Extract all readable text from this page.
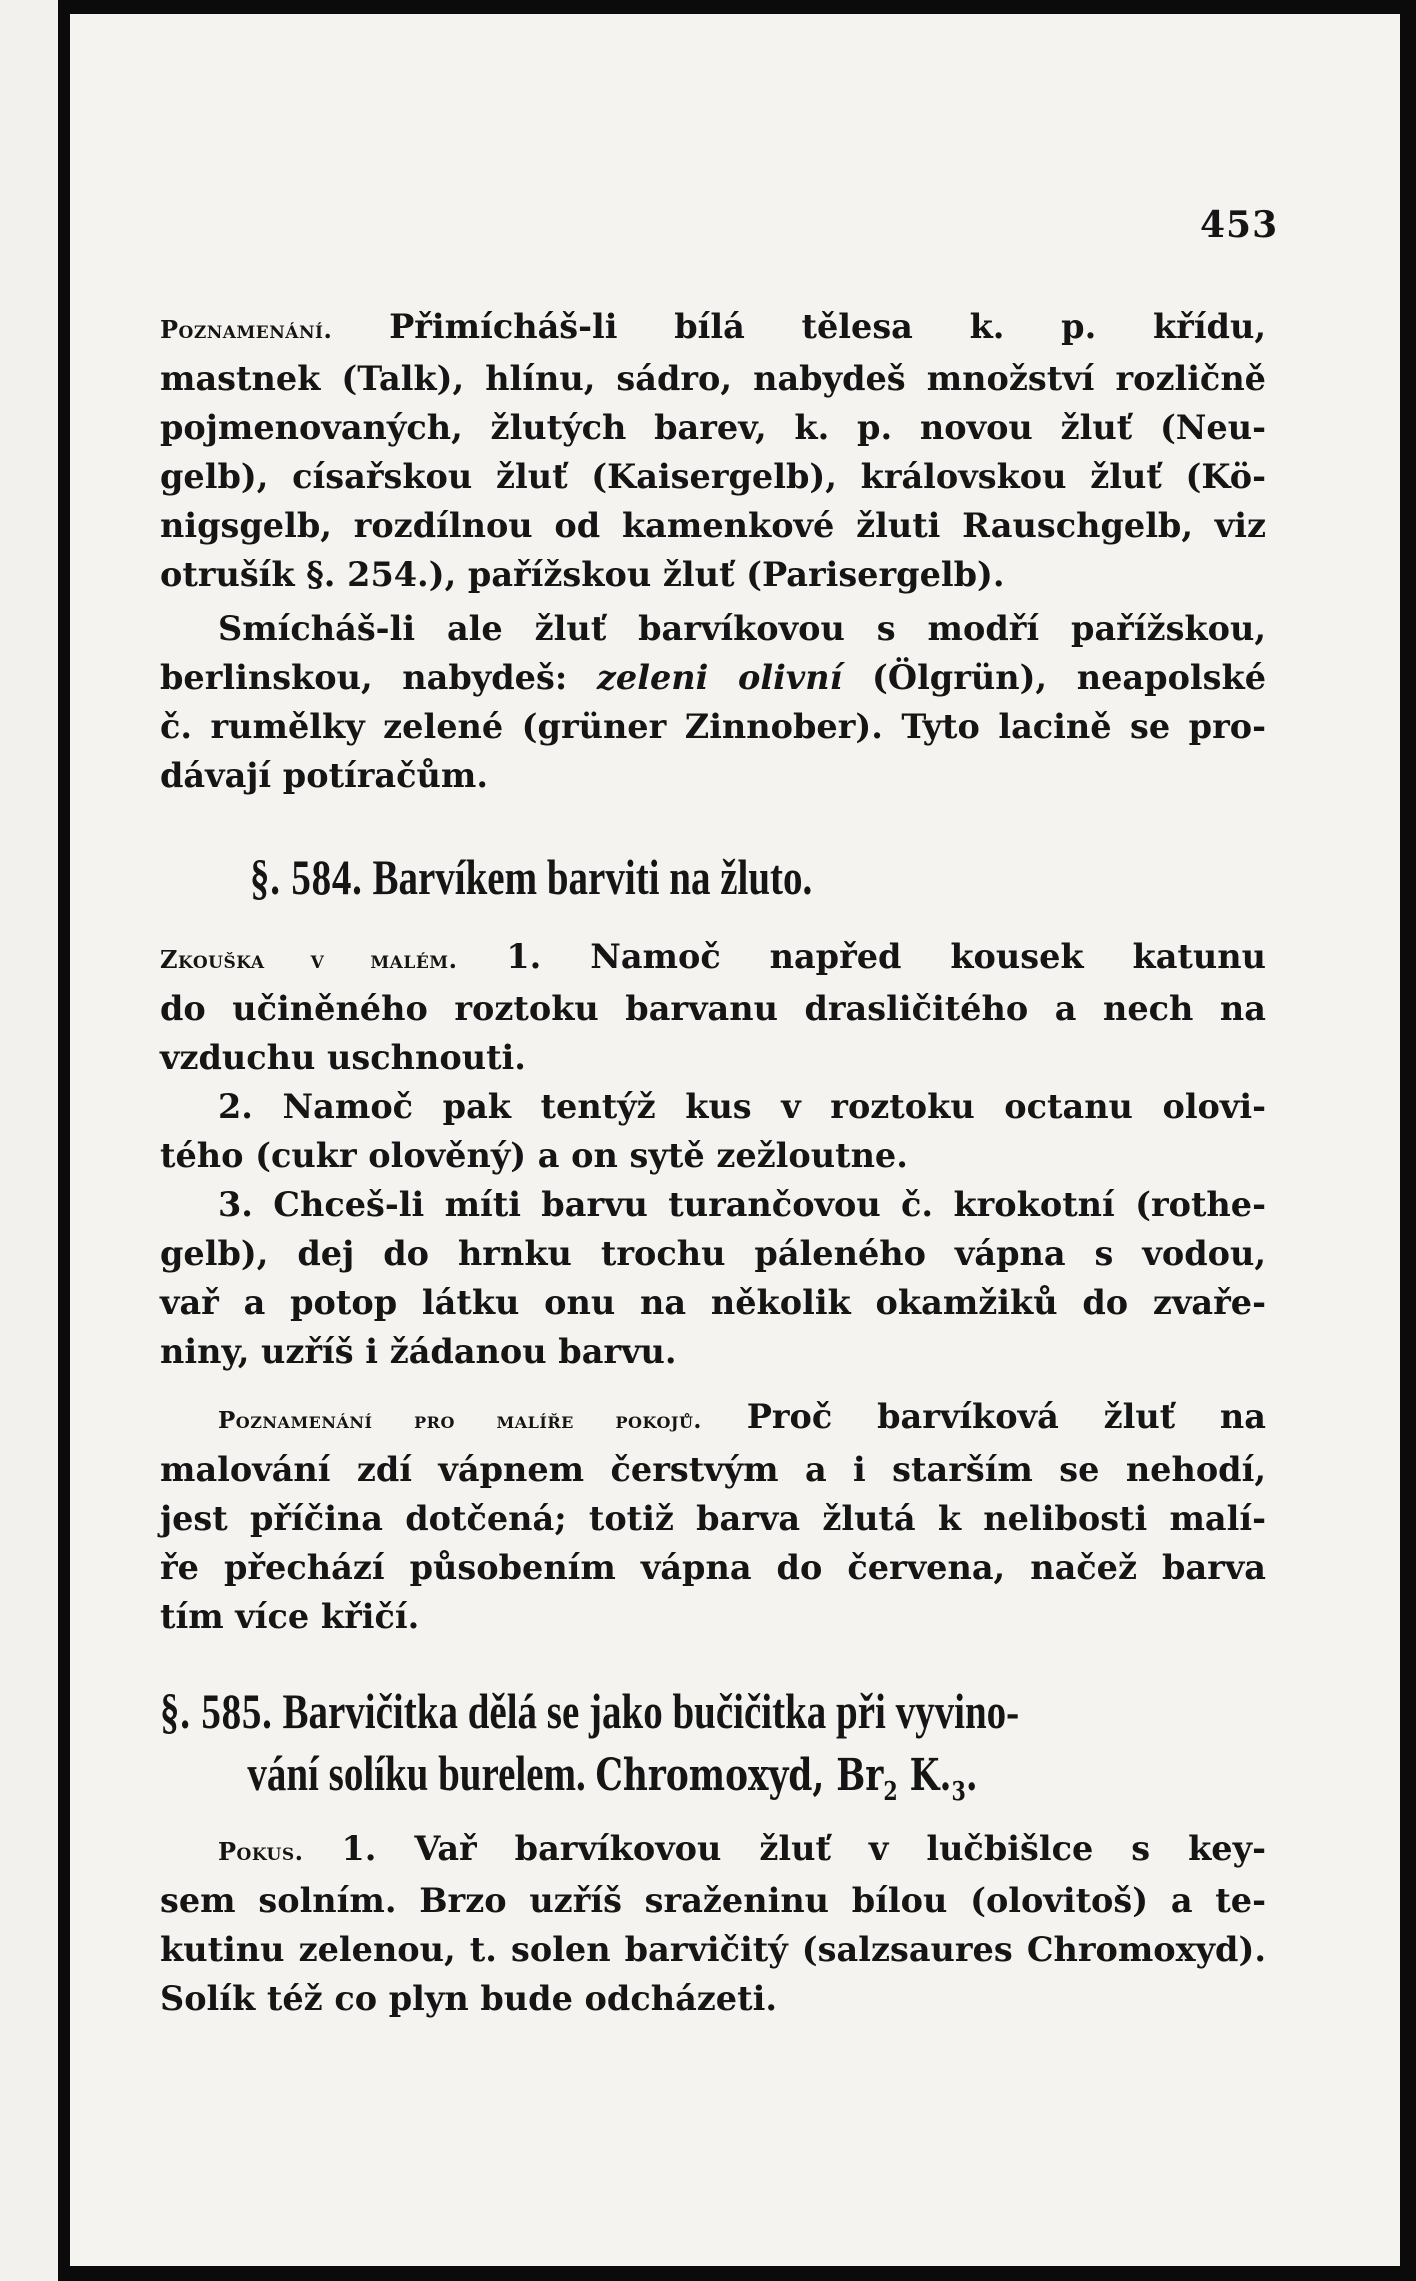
453
Poznamenání. Přimícháš-li bílá tělesa k. p. křídu,
mastnek (Talk), hlínu, sádro, nabydeš množství rozličně
pojmenovaných, žlutých barev, k. p. novou žluť (Neu-
gelb), císařskou žluť (Kaisergelb), královskou žluť (Kö-
nigsgelb, rozdílnou od kamenkové žluti Rauschgelb, viz
otrušík §. 254.), pařížskou žluť (Parisergelb).
Smícháš-li ale žluť barvíkovou s modří pařížskou,
berlinskou, nabydeš: zeleni olivní (Ölgrün), neapolské
č. rumělky zelené (grüner Zinnober). Tyto lacině se pro-
dávají potíračům.
§. 584. Barvíkem barviti na žluto.
Zkouška v malém. 1. Namoč napřed kousek katunu
do učiněného roztoku barvanu drasličitého a nech na
vzduchu uschnouti.
2. Namoč pak tentýž kus v roztoku octanu olovi-
tého (cukr olověný) a on sytě zežloutne.
3. Chceš-li míti barvu turančovou č. krokotní (rothe-
gelb), dej do hrnku trochu páleného vápna s vodou,
vař a potop látku onu na několik okamžiků do zvaře-
niny, uzříš i žádanou barvu.
Poznamenání pro malíře pokojů. Proč barvíková žluť na
malování zdí vápnem čerstvým a i starším se nehodí,
jest příčina dotčená; totiž barva žlutá k nelibosti malí-
ře přechází působením vápna do červena, načež barva
tím více křičí.
§. 585. Barvičitka dělá se jako bučičitka při vyvino-
vání solíku burelem. Chromoxyd, $Br_2$ $K._3$.
Pokus. 1. Vař barvíkovou žluť v lučbišlce s key-
sem solním. Brzo uzříš sraženinu bílou (olovitoš) a te-
kutinu zelenou, t. solen barvičitý (salzsaures Chromoxyd).
Solík též co plyn bude odcházeti.
